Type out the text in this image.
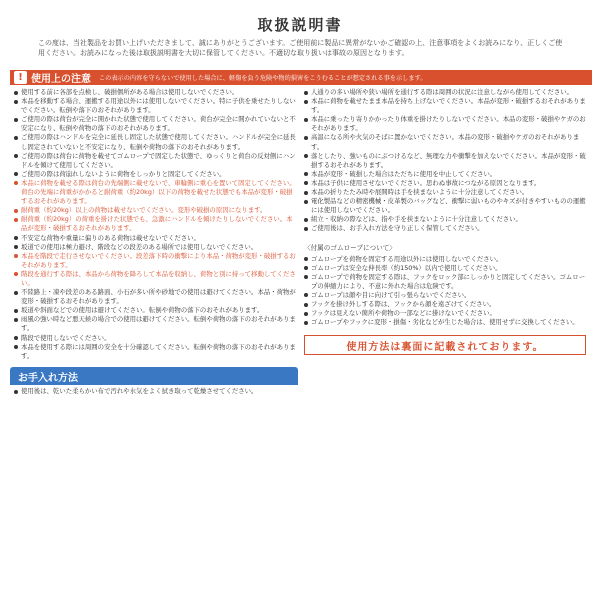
取扱説明書
この度は、当社製品をお買い上げいただきまして、誠にありがとうございます。ご使用前に製品に異常がないかご確認の上、注意事項をよくお読みになり、正しくご使用ください。お読みになった後は取扱説明書を大切に保管してください。不適切な取り扱いは事故の原因となります。
! 使用上の注意 この表示の内容を守らないで使用した場合に、軽傷を負う危険や物的損害をこうむることが想定される事を示します。
使用する前に各部を点検し、破損個所がある場合は使用しないでください。
本品を移動する場合、運搬する用途以外には使用しないでください。特に子供を乗せたりしないでください。転倒や落下のおそれがあります。
ご使用の際は荷台が完全に開かれた状態で使用してください。荷台が完全に開かれていないと不安定になり、転倒や荷物の落下のおそれがあります。
ご使用の際はハンドルを完全に延長し固定した状態で使用してください。ハンドルが完全に延長し固定されていないと不安定になり、転倒や荷物の落下のおそれがあります。
ご使用の際は荷台に荷物を載せてゴムロープで固定した状態で、ゆっくりと荷台の反対側にハンドルを傾けて使用してください。
ご使用の際は荷崩れしないように荷物をしっかりと固定してください。
本品に荷物を載せる際は荷台の先端側に載せないで、車輪側に重心を置いて固定してください。荷台の先端に荷重がかかると耐荷重（約20kg）以下の荷物を載せた状態でも本品が変形・破損するおそれがあります。
耐荷重（約20kg）以上の荷物は載せないでください。変形や破損の原因になります。
耐荷重（約20kg）の荷重を掛けた状態でも、急激にハンドルを傾けたりしないでください。本品が変形・破損するおそれがあります。
不安定な荷物や重量に偏りのある荷物は載せないでください。
坂道での使用は極力避け、階段などの段差のある場所では使用しないでください。
本品を階段で走行させないでください。段差落下時の衝撃により本品・荷物が変形・破損するおそれがあります。
階段を通行する際は、本品から荷物を降ろして本品を収納し、荷物と別に持って移動してください。
不陸路上・凍や段差のある路面、小石が多い所や砂地での使用は避けてください。本品・荷物が変形・破損するおそれがあります。
坂道や斜面などでの使用は避けてください。転倒や荷物の落下のおそれがあります。
雨風の強い時など悪天候の場合での使用は避けてください。転倒や荷物の落下のおそれがあります。
階段で使用しないでください。
本品を使用する際には周囲の安全を十分確認してください。転倒や荷物の落下のおそれがあります。
人通りの多い場所や狭い場所を通行する際は周囲の状況に注意しながら使用してください。
本品に荷物を載せたまま本品を持ち上げないでください。本品が変形・破損するおそれがあります。
本品に乗ったり寄りかかったり体重を掛けたりしないでください。本品の変形・破損やケガのおそれがあります。
高温になる所や火気のそばに置かないでください。本品の変形・破損やケガのおそれがあります。
落としたり、強いものにぶつけるなど、無理な力や衝撃を加えないでください。本品が変形・破損するおそれがあります。
本品が変形・破損した場合はただちに使用を中止してください。
本品は子供に使用させないでください。思わぬ事故につながる原因となります。
本品の折りたたみ時や展開時は手を挟まないように十分注意してください。
電化製品などの精密機械・皮革製のバッグなど、衝撃に弱いものやキズが付きやすいものの運搬には使用しないでください。
組立・収納の際などは、指や手を挟まないように十分注意してください。
ご使用後は、お手入れ方法を守り正しく保管してください。
〈付属のゴムロープについて〉
ゴムロープを荷物を固定する用途以外には使用しないでください。
ゴムロープは安全な伸長率（約150%）以内で使用してください。
ゴムロープで荷物を固定する際は、フックをロック部にしっかりと固定してください。ゴムロープの伸縮力により、不意に外れた場合は危険です。
ゴムロープは顔や目に向けて引っ張らないでください。
フックを掛け外しする際は、フックから顔を遠ざけてください。
フックは見えない箇所や荷物の一部などに掛けないでください。
ゴムロープやフックに変形・損傷・劣化などが生じた場合は、使用せずに交換してください。
お手入れ方法
使用後は、乾いた柔らかい布で汚れや水気をよく拭き取って乾燥させてください。
使用方法は裏面に記載されております。
